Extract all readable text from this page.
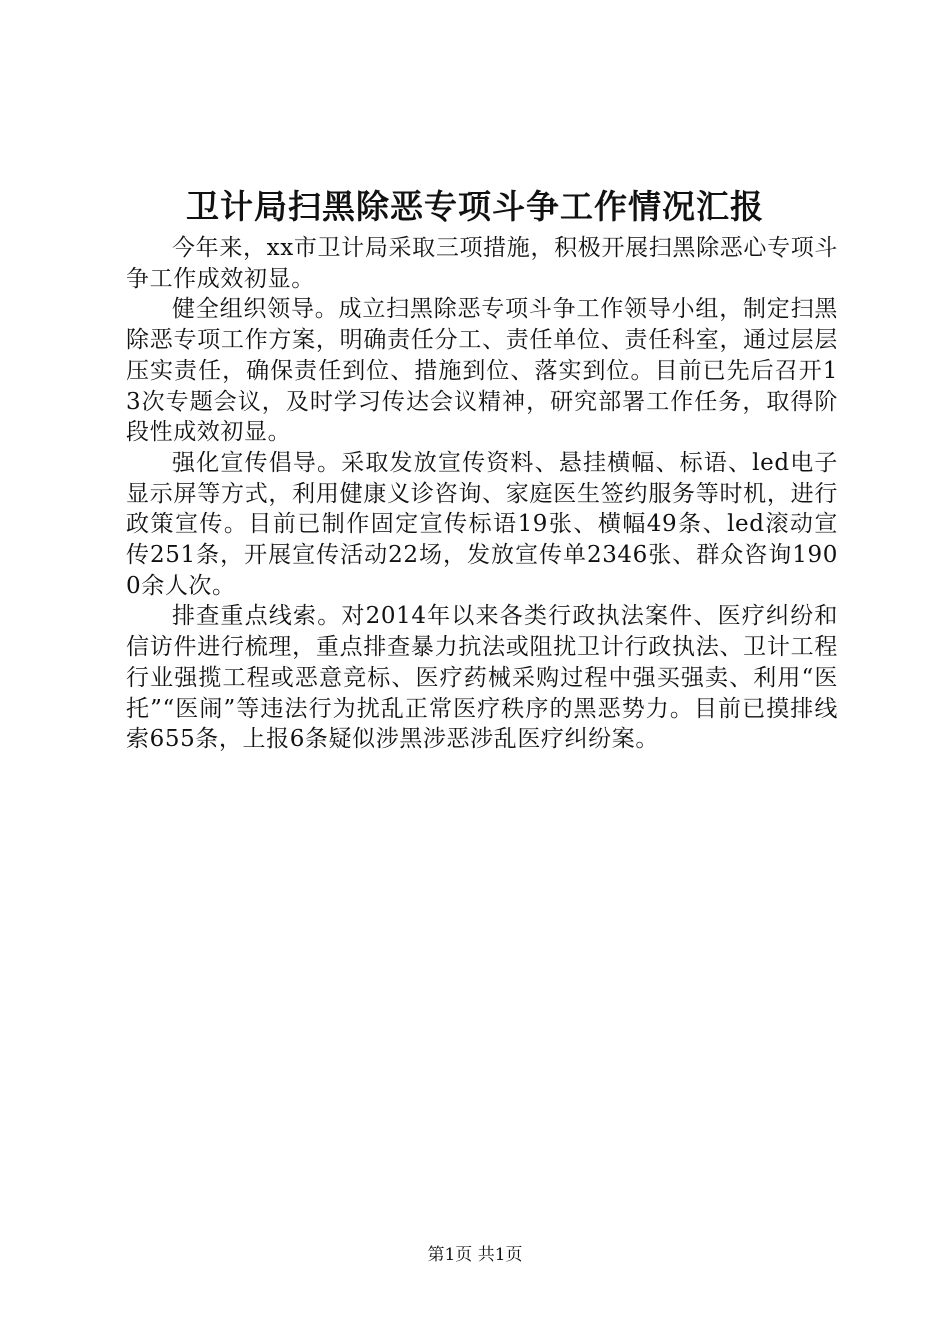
卫计局扫黑除恶专项斗争工作情况汇报

今年来，xx市卫计局采取三项措施，积极开展扫黑除恶心专项斗争工作成效初显。

健全组织领导。成立扫黑除恶专项斗争工作领导小组，制定扫黑除恶专项工作方案，明确责任分工、责任单位、责任科室，通过层层压实责任，确保责任到位、措施到位、落实到位。目前已先后召开13次专题会议，及时学习传达会议精神，研究部署工作任务，取得阶段性成效初显。

强化宣传倡导。采取发放宣传资料、悬挂横幅、标语、led电子显示屏等方式，利用健康义诊咨询、家庭医生签约服务等时机，进行政策宣传。目前已制作固定宣传标语19张、横幅49条、led滚动宣传251条，开展宣传活动22场，发放宣传单2346张、群众咨询1900余人次。

排查重点线索。对2014年以来各类行政执法案件、医疗纠纷和信访件进行梳理，重点排查暴力抗法或阻扰卫计行政执法、卫计工程行业强揽工程或恶意竞标、医疗药械采购过程中强买强卖、利用“医托”“医闹”等违法行为扰乱正常医疗秩序的黑恶势力。目前已摸排线索655条，上报6条疑似涉黑涉恶涉乱医疗纠纷案。

第1页 共1页
